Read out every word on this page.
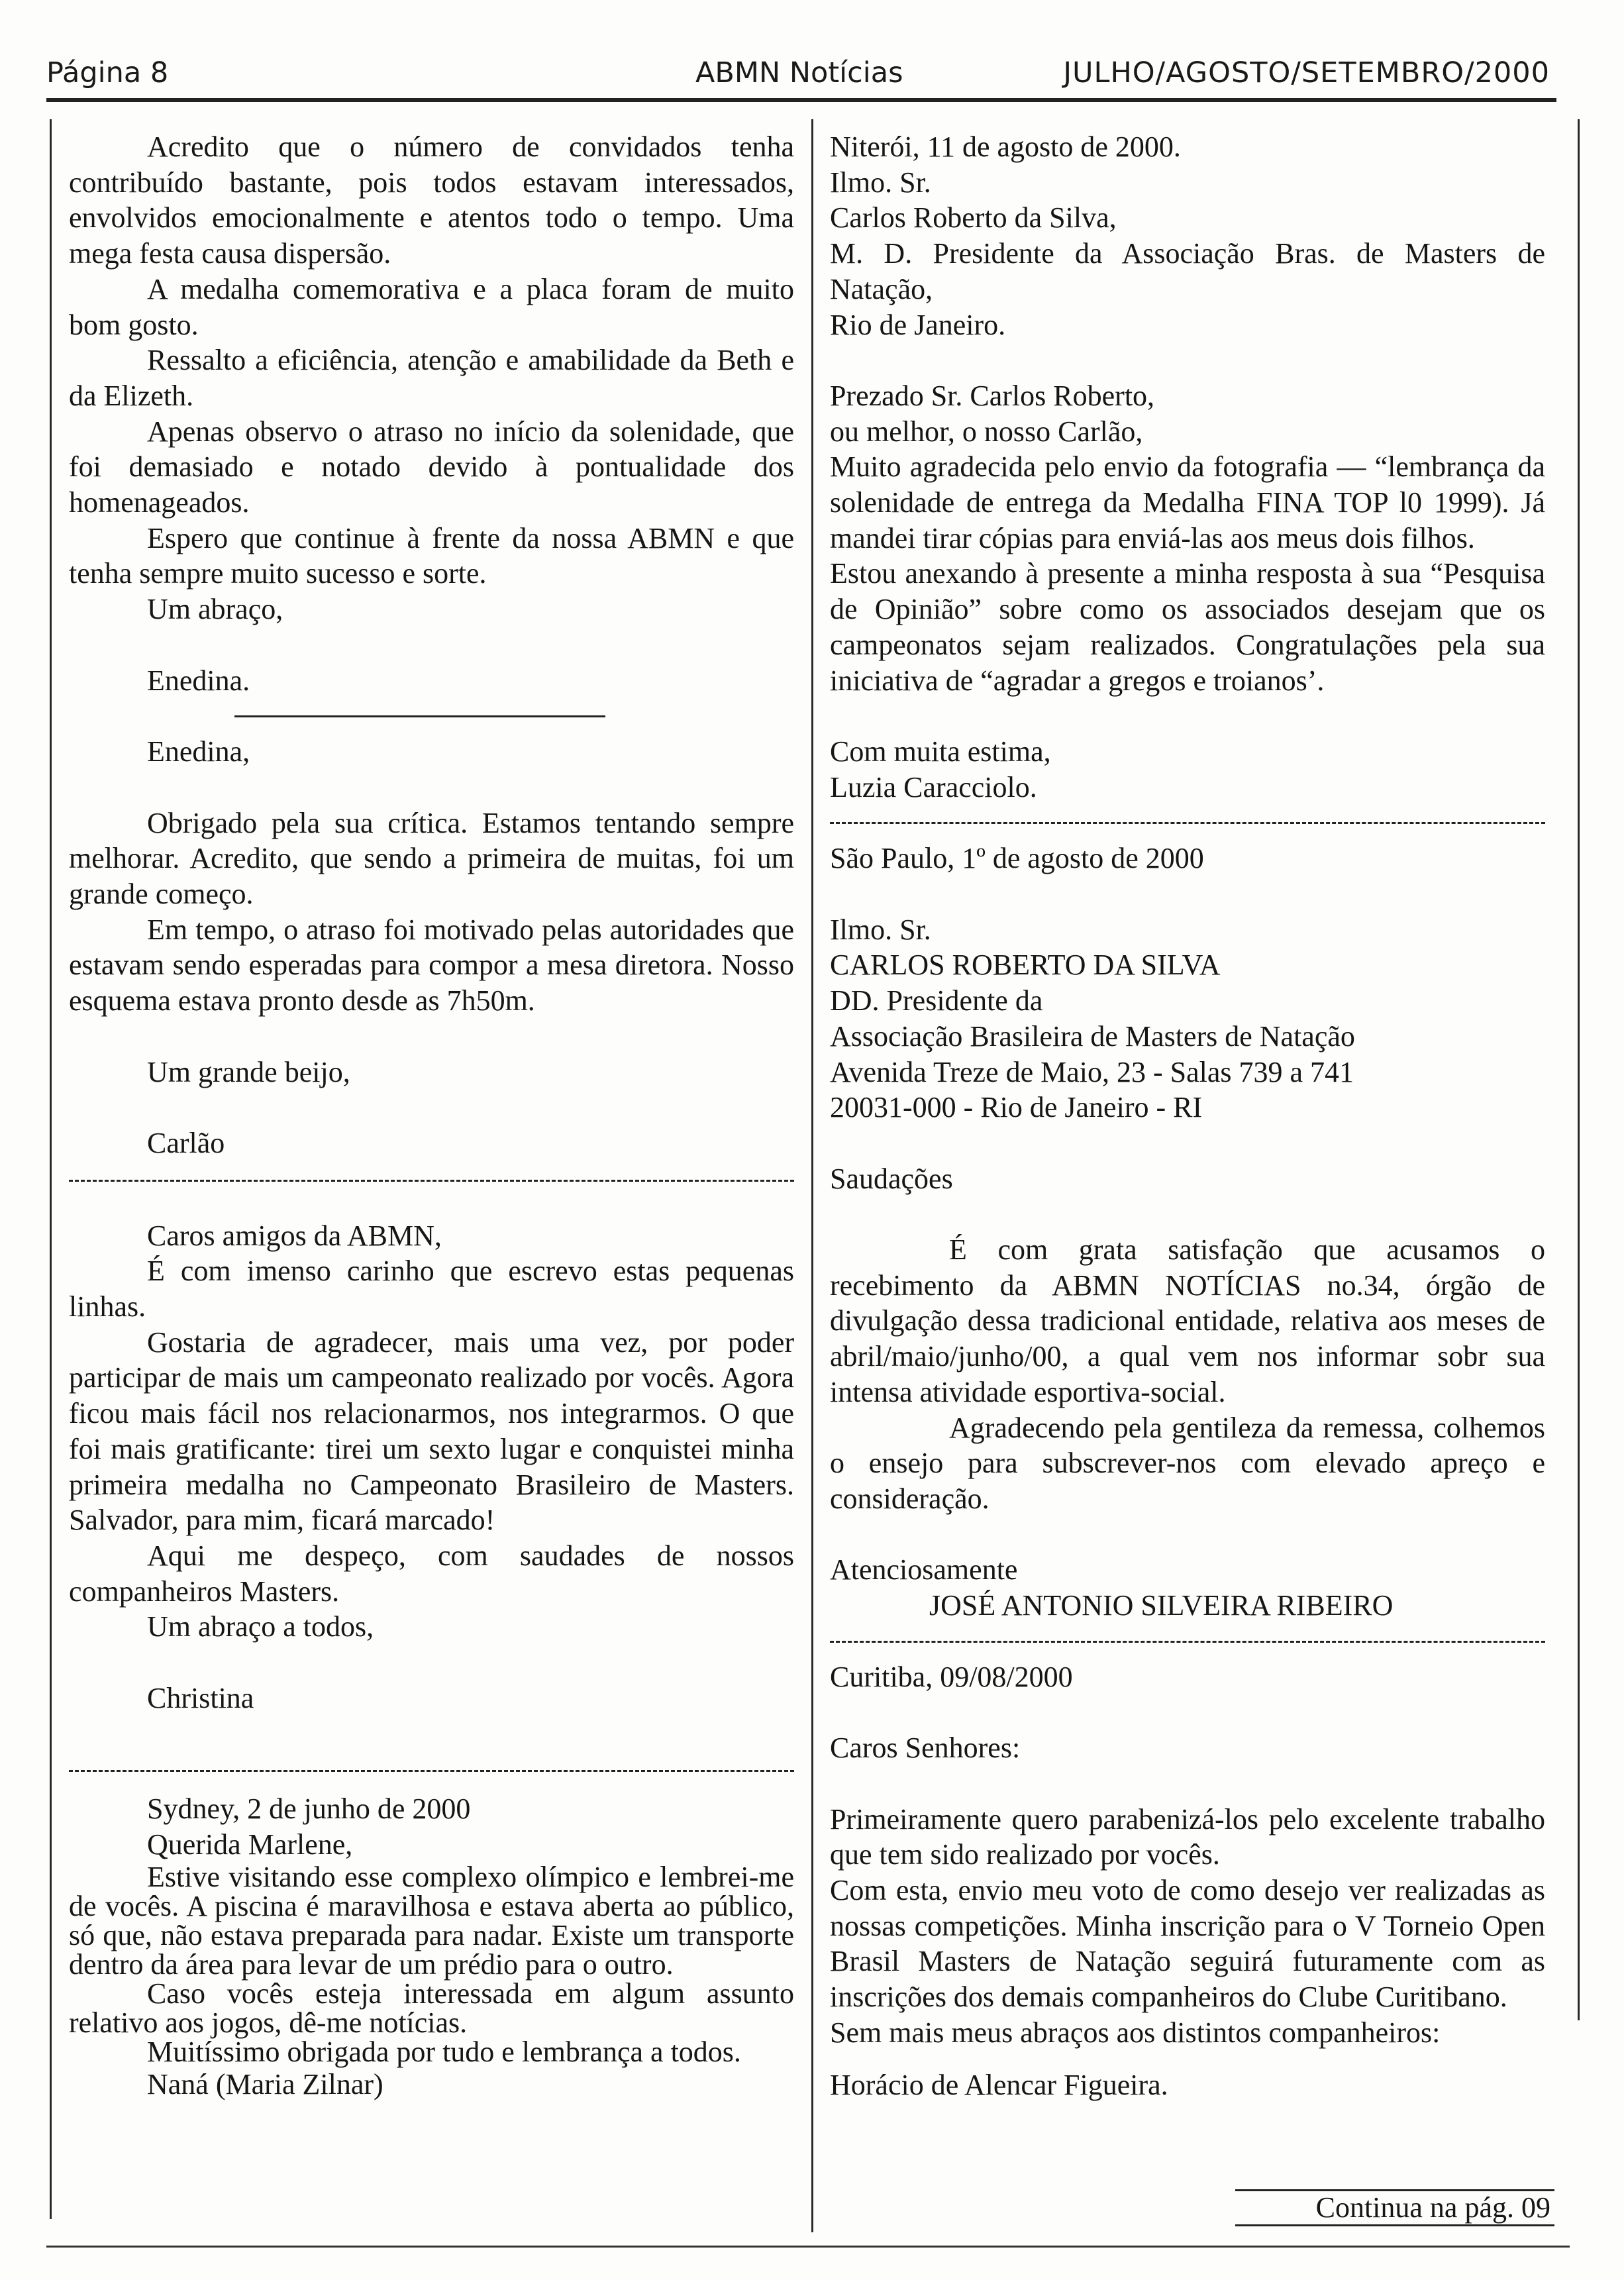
Página 8	ABMN Notícias	JULHO/AGOSTO/SETEMBRO/2000

Acredito que o número de convidados tenha contribuído bastante, pois todos estavam interessados, envolvidos emocionalmente e atentos todo o tempo. Uma mega festa causa dispersão.

A medalha comemorativa e a placa foram de muito bom gosto.

Ressalto a eficiência, atenção e amabilidade da Beth e da Elizeth.

Apenas observo o atraso no início da solenidade, que foi demasiado e notado devido à pontualidade dos homenageados.

Espero que continue à frente da nossa ABMN e que tenha sempre muito sucesso e sorte.

Um abraço,

Enedina.

Enedina,

Obrigado pela sua crítica. Estamos tentando sempre melhorar. Acredito, que sendo a primeira de muitas, foi um grande começo.

Em tempo, o atraso foi motivado pelas autoridades que estavam sendo esperadas para compor a mesa diretora. Nosso esquema estava pronto desde as 7h50m.

Um grande beijo,

Carlão

Caros amigos da ABMN,

É com imenso carinho que escrevo estas pequenas linhas.

Gostaria de agradecer, mais uma vez, por poder participar de mais um campeonato realizado por vocês. Agora ficou mais fácil nos relacionarmos, nos integrarmos. O que foi mais gratificante: tirei um sexto lugar e conquistei minha primeira medalha no Campeonato Brasileiro de Masters. Salvador, para mim, ficará marcado!

Aqui me despeço, com saudades de nossos companheiros Masters.

Um abraço a todos,

Christina

Sydney, 2 de junho de 2000

Querida Marlene,

Estive visitando esse complexo olímpico e lembrei-me de vocês. A piscina é maravilhosa e estava aberta ao público, só que, não estava preparada para nadar. Existe um transporte dentro da área para levar de um prédio para o outro.

Caso vocês esteja interessada em algum assunto relativo aos jogos, dê-me notícias.

Muitíssimo obrigada por tudo e lembrança a todos.

Naná (Maria Zilnar)

Niterói, 11 de agosto de 2000.

Ilmo. Sr.

Carlos Roberto da Silva,

M. D. Presidente da Associação Bras. de Masters de Natação,

Rio de Janeiro.

Prezado Sr. Carlos Roberto,

ou melhor, o nosso Carlão,

Muito agradecida pelo envio da fotografia — “lembrança da solenidade de entrega da Medalha FINA TOP l0 1999). Já mandei tirar cópias para enviá-las aos meus dois filhos.

Estou anexando à presente a minha resposta à sua “Pesquisa de Opinião” sobre como os associados desejam que os campeonatos sejam realizados. Congratulações pela sua iniciativa de “agradar a gregos e troianos’.

Com muita estima,

Luzia Caracciolo.

São Paulo, 1º de agosto de 2000

Ilmo. Sr.

CARLOS ROBERTO DA SILVA

DD. Presidente da

Associação Brasileira de Masters de Natação

Avenida Treze de Maio, 23 - Salas 739 a 741

20031-000 - Rio de Janeiro - RI

Saudações

É com grata satisfação que acusamos o recebimento da ABMN NOTÍCIAS no.34, órgão de divulgação dessa tradicional entidade, relativa aos meses de abril/maio/junho/00, a qual vem nos informar sobr sua intensa atividade esportiva-social.

Agradecendo pela gentileza da remessa, colhemos o ensejo para subscrever-nos com elevado apreço e consideração.

Atenciosamente

JOSÉ ANTONIO SILVEIRA RIBEIRO

Curitiba, 09/08/2000

Caros Senhores:

Primeiramente quero parabenizá-los pelo excelente trabalho que tem sido realizado por vocês.

Com esta, envio meu voto de como desejo ver realizadas as nossas competições. Minha inscrição para o V Torneio Open Brasil Masters de Natação seguirá futuramente com as inscrições dos demais companheiros do Clube Curitibano.

Sem mais meus abraços aos distintos companheiros:

Horácio de Alencar Figueira.

Continua na pág. 09
